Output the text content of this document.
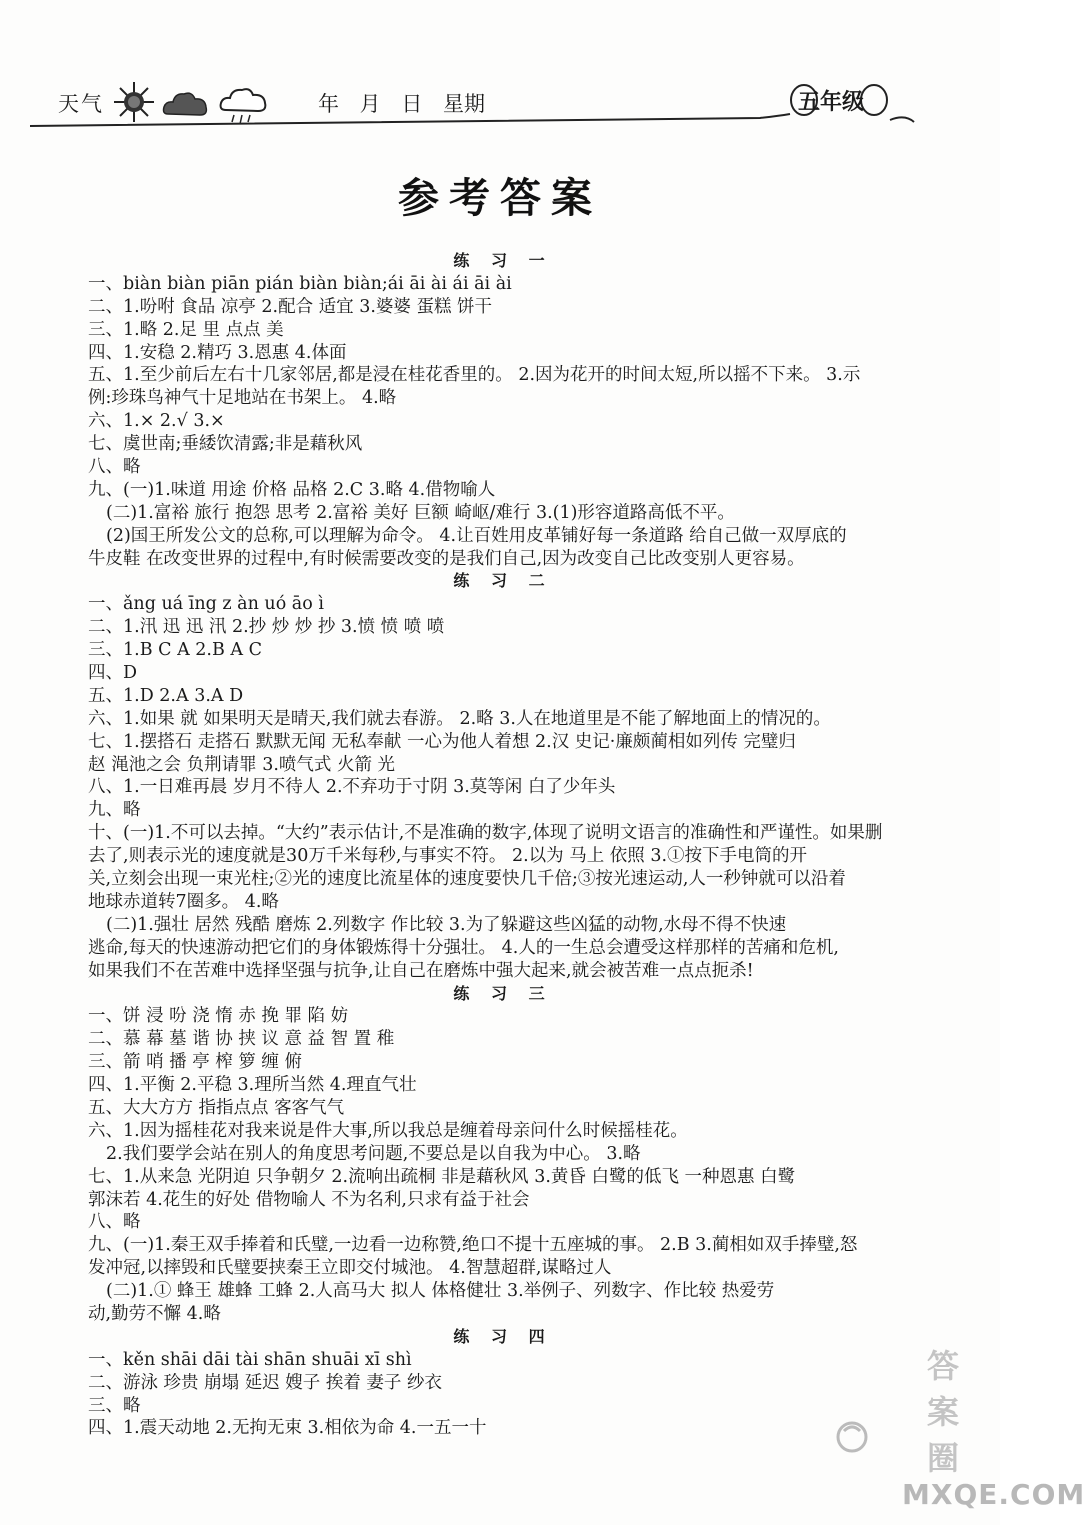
天气	年 月 日 星期	五年级
参考答案
练 习 一
一、biàn biàn piān pián biàn biàn;ái āi ài ái āi ài
二、1.吩咐 食品 凉亭 2.配合 适宜 3.婆婆 蛋糕 饼干
三、1.略 2.足 里 点点 美
四、1.安稳 2.精巧 3.恩惠 4.体面
五、1.至少前后左右十几家邻居,都是浸在桂花香里的。 2.因为花开的时间太短,所以摇不下来。 3.示
例:珍珠鸟神气十足地站在书架上。 4.略
六、1.× 2.√ 3.×
七、虞世南;垂緌饮清露;非是藉秋风
八、略
九、(一)1.味道 用途 价格 品格 2.C 3.略 4.借物喻人
(二)1.富裕 旅行 抱怨 思考 2.富裕 美好 巨额 崎岖/难行 3.(1)形容道路高低不平。
(2)国王所发公文的总称,可以理解为命令。 4.让百姓用皮革铺好每一条道路 给自己做一双厚底的
牛皮鞋 在改变世界的过程中,有时候需要改变的是我们自己,因为改变自己比改变别人更容易。
练 习 二
一、ǎng uá īng z àn uó āo ì
二、1.汛 迅 迅 汛 2.抄 炒 炒 抄 3.愤 愤 喷 喷
三、1.B C A 2.B A C
四、D
五、1.D 2.A 3.A D
六、1.如果 就 如果明天是晴天,我们就去春游。 2.略 3.人在地道里是不能了解地面上的情况的。
七、1.摆搭石 走搭石 默默无闻 无私奉献 一心为他人着想 2.汉 史记·廉颇蔺相如列传 完璧归
赵 渑池之会 负荆请罪 3.喷气式 火箭 光
八、1.一日难再晨 岁月不待人 2.不弃功于寸阴 3.莫等闲 白了少年头
九、略
十、(一)1.不可以去掉。“大约”表示估计,不是准确的数字,体现了说明文语言的准确性和严谨性。如果删
去了,则表示光的速度就是30万千米每秒,与事实不符。 2.以为 马上 依照 3.①按下手电筒的开
关,立刻会出现一束光柱;②光的速度比流星体的速度要快几千倍;③按光速运动,人一秒钟就可以沿着
地球赤道转7圈多。 4.略
(二)1.强壮 居然 残酷 磨炼 2.列数字 作比较 3.为了躲避这些凶猛的动物,水母不得不快速
逃命,每天的快速游动把它们的身体锻炼得十分强壮。 4.人的一生总会遭受这样那样的苦痛和危机,
如果我们不在苦难中选择坚强与抗争,让自己在磨炼中强大起来,就会被苦难一点点扼杀!
练 习 三
一、饼 浸 吩 浇 惰 赤 挽 罪 陷 妨
二、慕 幕 墓 谐 协 挟 议 意 益 智 置 稚
三、箭 哨 播 亭 榨 箩 缠 俯
四、1.平衡 2.平稳 3.理所当然 4.理直气壮
五、大大方方 指指点点 客客气气
六、1.因为摇桂花对我来说是件大事,所以我总是缠着母亲问什么时候摇桂花。
2.我们要学会站在别人的角度思考问题,不要总是以自我为中心。 3.略
七、1.从来急 光阴迫 只争朝夕 2.流响出疏桐 非是藉秋风 3.黄昏 白鹭的低飞 一种恩惠 白鹭
郭沫若 4.花生的好处 借物喻人 不为名利,只求有益于社会
八、略
九、(一)1.秦王双手捧着和氏璧,一边看一边称赞,绝口不提十五座城的事。 2.B 3.蔺相如双手捧璧,怒
发冲冠,以摔毁和氏璧要挟秦王立即交付城池。 4.智慧超群,谋略过人
(二)1.① 蜂王 雄蜂 工蜂 2.人高马大 拟人 体格健壮 3.举例子、列数字、作比较 热爱劳
动,勤劳不懈 4.略
练 习 四
一、kěn shāi dāi tài shān shuāi xī shì
二、游泳 珍贵 崩塌 延迟 嫂子 挨着 妻子 纱衣
三、略
四、1.震天动地 2.无拘无束 3.相依为命 4.一五一十
答案圈
MXQE.COM
